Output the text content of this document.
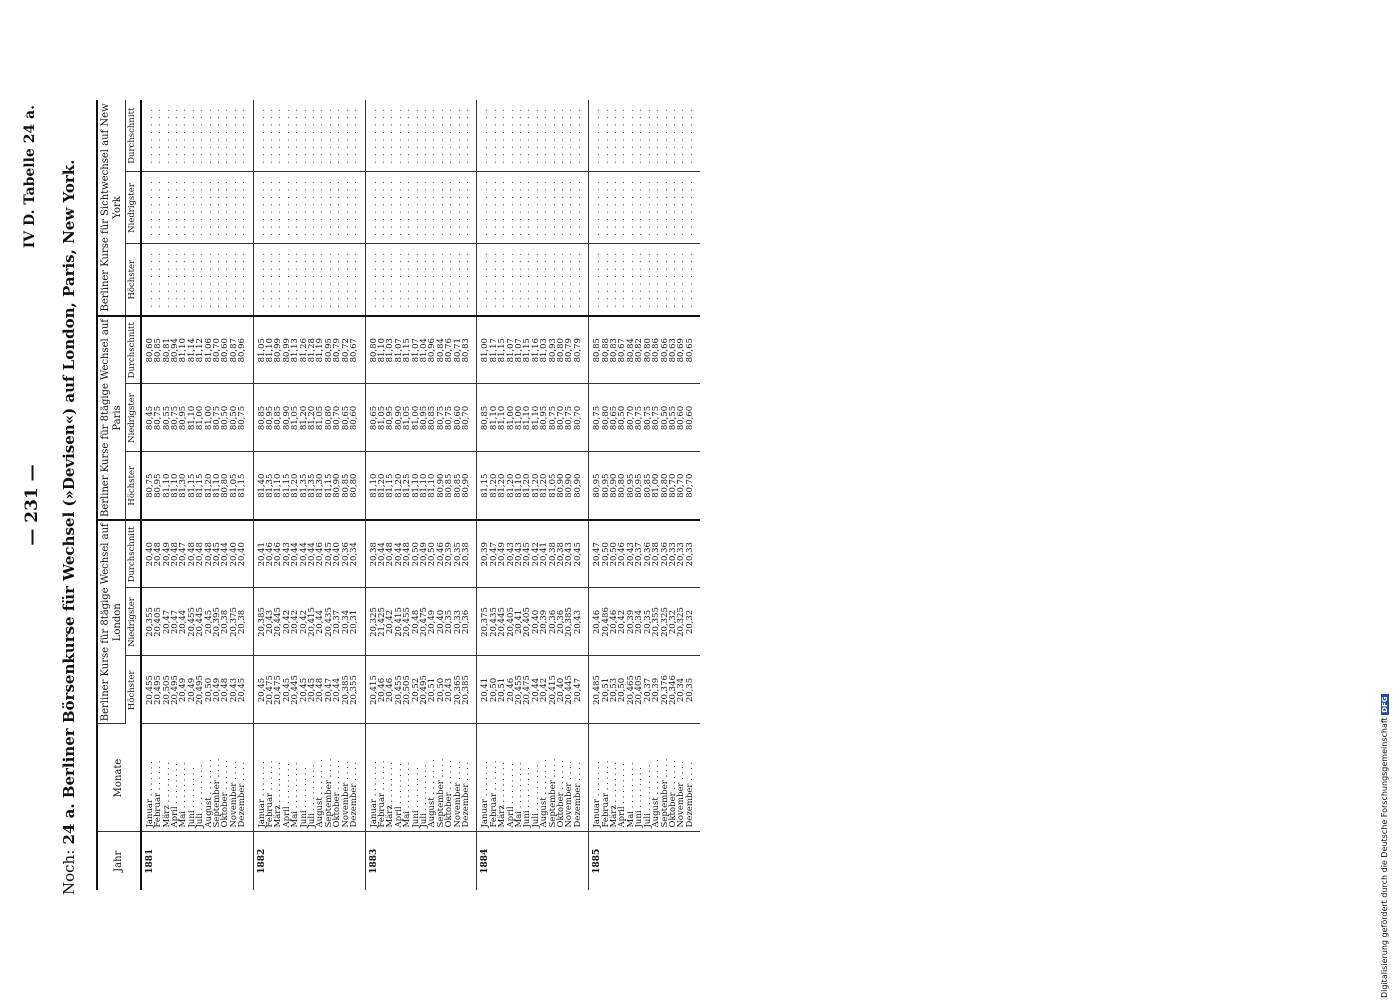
— 231 —
IV D. Tabelle 24 a.
Noch: 24 a. Berliner Börsenkurse für Wechsel (»Devisen«) auf London, Paris, New York.
Jahr	Monate	Berliner Kurse für 8tägige Wechsel auf London			Berliner Kurse für 8tägige Wechsel auf Paris			Berliner Kurse für Sichtwechsel auf New York		
		Höchster	Niedrigster	Durchschnitt	Höchster	Niedrigster	Durchschnitt	Höchster	Niedrigster	Durchschnitt
1881	Januar . . . . . . .	20,455	20,355	20,40	80,75	80,45	80,60	. . . . . . . .	. . . . . . . .	. . . . . . . .
	Februar . . . . . .	20,495	20,405	20,48	80,95	80,75	80,85	. . . . . . . .	. . . . . . . .	. . . . . . . .
	März . . . . . . . .	20,505	20,47	20,49	81,10	80,55	80,81	. . . . . . . .	. . . . . . . .	. . . . . . . .
	April . . . . . . . .	20,495	20,47	20,48	81,10	80,75	80,94	. . . . . . . .	. . . . . . . .	. . . . . . . .
	Mai . . . . . . . . .	20,49	20,44	20,47	81,30	80,95	81,10	. . . . . . . .	. . . . . . . .	. . . . . . . .
	Juni . . . . . . . .	20,49	20,455	20,48	81,15	81,10	81,14	. . . . . . . .	. . . . . . . .	. . . . . . . .
	Juli . . . . . . . . .	20,495	20,445	20,48	81,15	81,00	81,12	. . . . . . . .	. . . . . . . .	. . . . . . . .
	August . . . . . . .	20,50	20,45	20,48	81,20	81,00	81,06	. . . . . . . .	. . . . . . . .	. . . . . . . .
	September . . . .	20,49	20,395	20,45	81,10	80,75	80,70	. . . . . . . .	. . . . . . . .	. . . . . . . .
	Oktober . . . . . .	20,48	20,38	20,44	80,80	80,50	80,60	. . . . . . . .	. . . . . . . .	. . . . . . . .
	November . . . .	20,43	20,375	20,40	81,05	80,50	80,87	. . . . . . . .	. . . . . . . .	. . . . . . . .
	Dezember . . . .	20,45	20,38	20,40	81,15	80,75	80,96	. . . . . . . .	. . . . . . . .	. . . . . . . .
1882	Januar . . . . . . .	20,45	20,385	20,41	81,40	80,85	81,05	. . . . . . . .	. . . . . . . .	. . . . . . . .
	Februar . . . . . .	20,475	20,43	20,46	81,35	80,95	81,10	. . . . . . . .	. . . . . . . .	. . . . . . . .
	März . . . . . . . .	20,475	20,445	20,46	81,10	80,85	80,99	. . . . . . . .	. . . . . . . .	. . . . . . . .
	April . . . . . . . .	20,45	20,42	20,43	81,15	80,90	80,99	. . . . . . . .	. . . . . . . .	. . . . . . . .
	Mai . . . . . . . . .	20,445	20,42	20,44	81,20	81,05	81,13	. . . . . . . .	. . . . . . . .	. . . . . . . .
	Juni . . . . . . . .	20,45	20,42	20,44	81,35	81,20	81,26	. . . . . . . .	. . . . . . . .	. . . . . . . .
	Juli . . . . . . . . .	20,45	20,415	20,44	81,35	81,20	81,28	. . . . . . . .	. . . . . . . .	. . . . . . . .
	August . . . . . . .	20,48	20,44	20,46	81,30	81,05	81,19	. . . . . . . .	. . . . . . . .	. . . . . . . .
	September . . . .	20,47	20,435	20,45	81,15	80,80	80,95	. . . . . . . .	. . . . . . . .	. . . . . . . .
	Oktober . . . . . .	20,44	20,37	20,40	80,90	80,70	80,79	. . . . . . . .	. . . . . . . .	. . . . . . . .
	November . . . .	20,385	20,34	20,36	80,85	80,65	80,72	. . . . . . . .	. . . . . . . .	. . . . . . . .
	Dezember . . . .	20,355	20,31	20,34	80,80	80,60	80,67	. . . . . . . .	. . . . . . . .	. . . . . . . .
1883	Januar . . . . . . .	20,415	20,325	20,38	81,10	80,65	80,80	. . . . . . . .	. . . . . . . .	. . . . . . . .
	Februar . . . . . .	20,46	21,425	20,44	81,20	81,05	81,10	. . . . . . . .	. . . . . . . .	. . . . . . . .
	März . . . . . . . .	20,46	20,42	20,48	81,15	80,95	81,03	. . . . . . . .	. . . . . . . .	. . . . . . . .
	April . . . . . . . .	20,455	20,415	20,44	81,20	80,90	81,07	. . . . . . . .	. . . . . . . .	. . . . . . . .
	Mai . . . . . . . . .	20,505	20,455	20,48	81,25	81,05	81,15	. . . . . . . .	. . . . . . . .	. . . . . . . .
	Juni . . . . . . . .	20,52	20,48	20,50	81,10	81,00	81,07	. . . . . . . .	. . . . . . . .	. . . . . . . .
	Juli . . . . . . . . .	20,495	20,475	20,49	81,10	80,95	81,04	. . . . . . . .	. . . . . . . .	. . . . . . . .
	August . . . . . . .	20,51	20,49	20,50	81,10	80,85	80,96	. . . . . . . .	. . . . . . . .	. . . . . . . .
	September . . . .	20,50	20,40	20,46	80,90	80,75	80,84	. . . . . . . .	. . . . . . . .	. . . . . . . .
	Oktober . . . . . .	20,43	20,35	20,39	80,85	80,75	80,76	. . . . . . . .	. . . . . . . .	. . . . . . . .
	November . . . .	20,365	20,33	20,35	80,85	80,60	80,71	. . . . . . . .	. . . . . . . .	. . . . . . . .
	Dezember . . . .	20,385	20,36	20,38	80,90	80,70	80,83	. . . . . . . .	. . . . . . . .	. . . . . . . .
1884	Januar . . . . . . .	20,41	20,375	20,39	81,15	80,85	81,00	. . . . . . . .	. . . . . . . .	. . . . . . . .
	Februar . . . . . .	20,50	20,435	20,47	81,20	81,10	81,17	. . . . . . . .	. . . . . . . .	. . . . . . . .
	März . . . . . . . .	20,51	20,445	20,49	81,20	81,10	81,15	. . . . . . . .	. . . . . . . .	. . . . . . . .
	April . . . . . . . .	20,46	20,405	20,43	81,20	81,00	81,07	. . . . . . . .	. . . . . . . .	. . . . . . . .
	Mai . . . . . . . . .	20,455	20,41	20,43	81,10	81,00	81,07	. . . . . . . .	. . . . . . . .	. . . . . . . .
	Juni . . . . . . . .	20,475	20,405	20,45	81,20	81,10	81,15	. . . . . . . .	. . . . . . . .	. . . . . . . .
	Juli . . . . . . . . .	20,44	20,40	20,42	81,20	81,10	81,16	. . . . . . . .	. . . . . . . .	. . . . . . . .
	August . . . . . . .	20,42	20,39	20,41	81,20	80,95	81,03	. . . . . . . .	. . . . . . . .	. . . . . . . .
	September . . . .	20,415	20,36	20,38	81,05	80,75	80,93	. . . . . . . .	. . . . . . . .	. . . . . . . .
	Oktober . . . . . .	20,40	20,36	20,38	80,90	80,70	80,80	. . . . . . . .	. . . . . . . .	. . . . . . . .
	November . . . .	20,445	20,385	20,43	80,90	80,75	80,79	. . . . . . . .	. . . . . . . .	. . . . . . . .
	Dezember . . . .	20,47	20,43	20,45	80,90	80,70	80,79	. . . . . . . .	. . . . . . . .	. . . . . . . .
1885	Januar . . . . . . .	20,485	20,46	20,47	80,95	80,75	80,85	. . . . . . . .	. . . . . . . .	. . . . . . . .
	Februar . . . . . .	20,51	20,486	20,50	80,95	80,80	80,88	. . . . . . . .	. . . . . . . .	. . . . . . . .
	März . . . . . . . .	20,53	20,46	20,50	80,90	80,65	80,83	. . . . . . . .	. . . . . . . .	. . . . . . . .
	April . . . . . . . .	20,50	20,42	20,46	80,80	80,50	80,67	. . . . . . . .	. . . . . . . .	. . . . . . . .
	Mai . . . . . . . . .	20,465	20,39	20,43	80,95	80,70	80,84	. . . . . . . .	. . . . . . . .	. . . . . . . .
	Juni . . . . . . . .	20,405	20,34	20,37	80,95	80,75	80,82	. . . . . . . .	. . . . . . . .	. . . . . . . .
	Juli . . . . . . . . .	20,37	20,35	20,36	80,85	80,75	80,80	. . . . . . . .	. . . . . . . .	. . . . . . . .
	August . . . . . . .	20,39	20,355	20,38	81,00	80,75	80,86	. . . . . . . .	. . . . . . . .	. . . . . . . .
	September . . . .	20,376	20,325	20,36	80,80	80,50	80,66	. . . . . . . .	. . . . . . . .	. . . . . . . .
	Oktober . . . . . .	20,346	20,32	20,33	80,70	80,55	80,63	. . . . . . . .	. . . . . . . .	. . . . . . . .
	November . . . .	20,34	20,325	20,33	80,70	80,60	80,69	. . . . . . . .	. . . . . . . .	. . . . . . . .
	Dezember . . . .	20,35	20,32	20,33	80,70	80,60	80,65	. . . . . . . .	. . . . . . . .	. . . . . . . .
Digitalisierung gefördert durch die Deutsche Forschungsgemeinschaft DFG
